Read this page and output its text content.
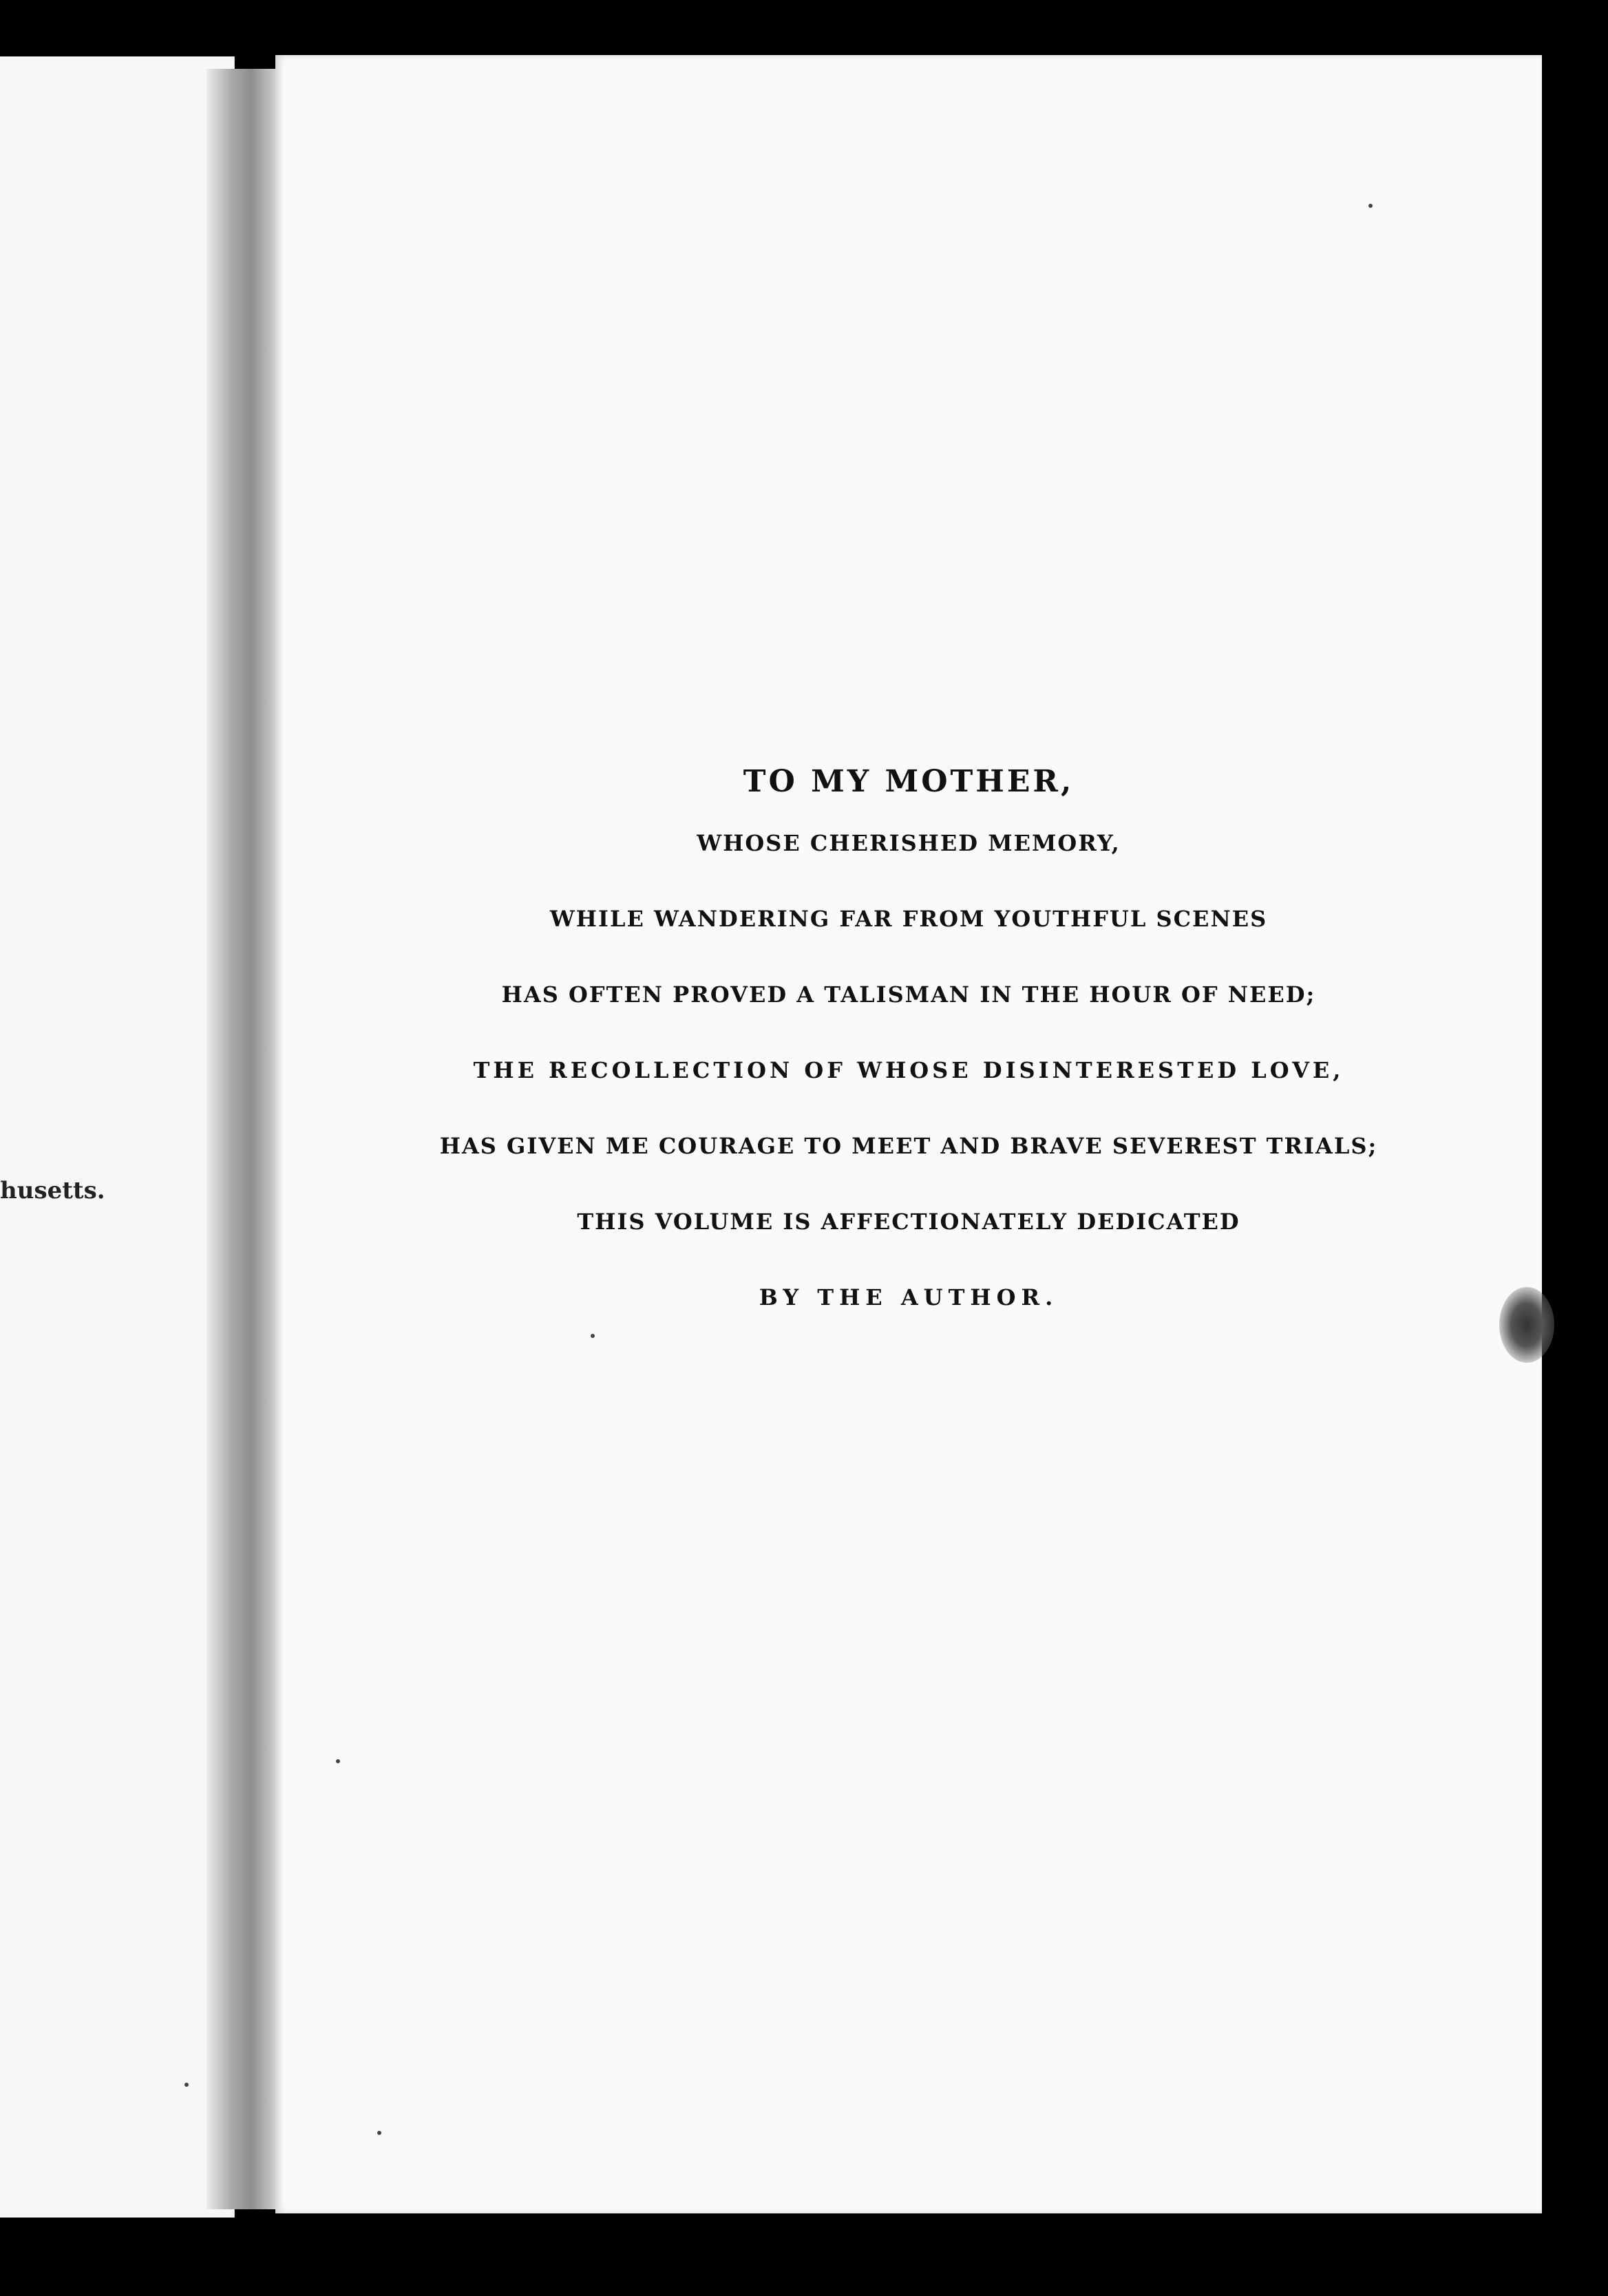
husetts.
TO MY MOTHER,
WHOSE CHERISHED MEMORY,
WHILE WANDERING FAR FROM YOUTHFUL SCENES
HAS OFTEN PROVED A TALISMAN IN THE HOUR OF NEED;
THE RECOLLECTION OF WHOSE DISINTERESTED LOVE,
HAS GIVEN ME COURAGE TO MEET AND BRAVE SEVEREST TRIALS;
THIS VOLUME IS AFFECTIONATELY DEDICATED
BY THE AUTHOR.
